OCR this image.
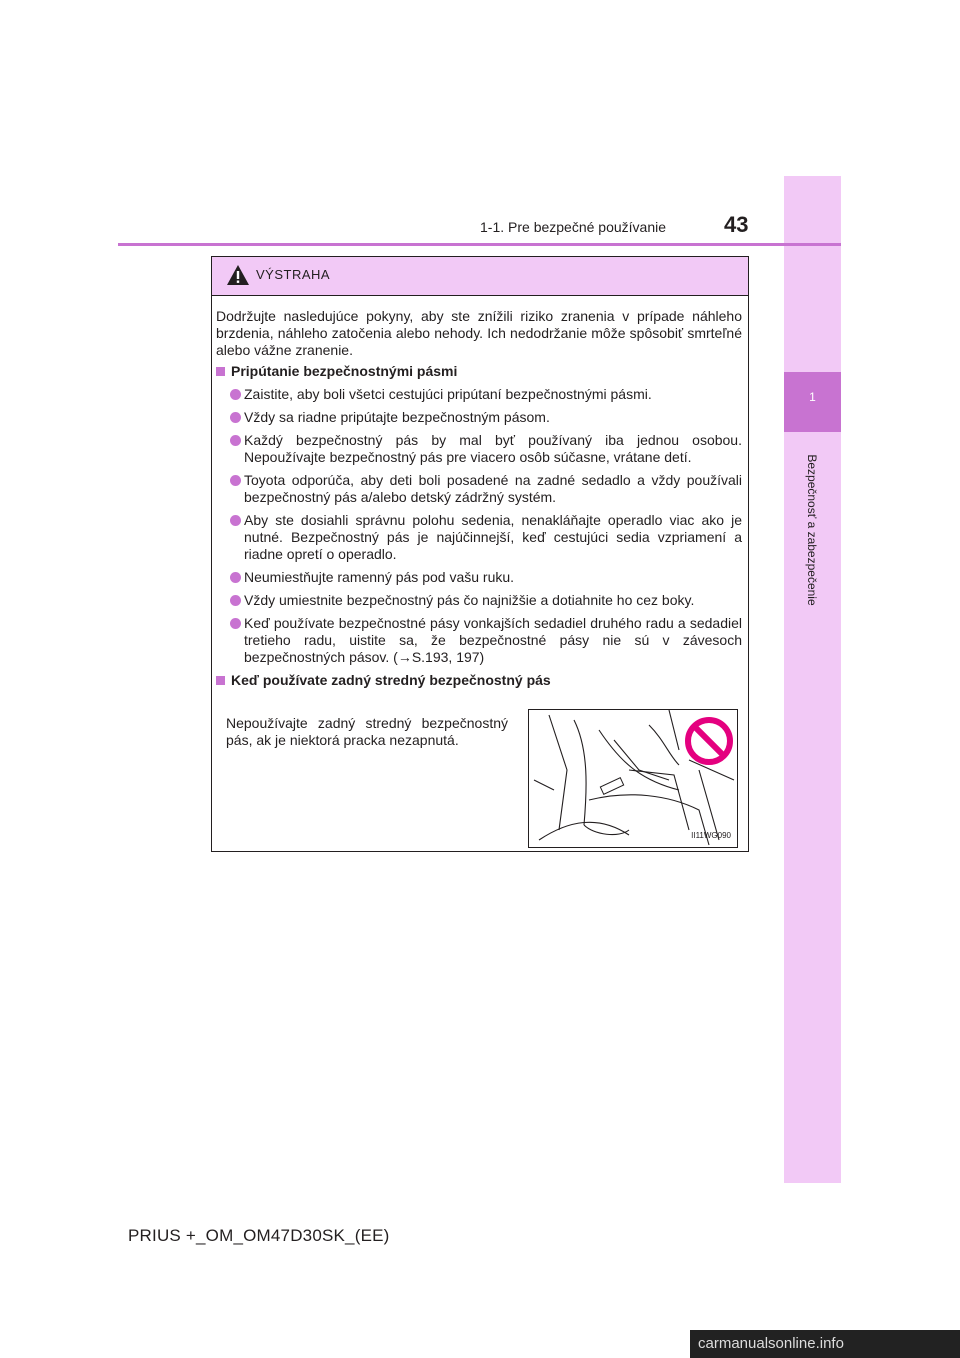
1
Bezpečnosť a zabezpečenie
1-1. Pre bezpečné používanie	43
VÝSTRAHA

Dodržujte nasledujúce pokyny, aby ste znížili riziko zranenia v prípade náhleho brzdenia, náhleho zatočenia alebo nehody. Ich nedodržanie môže spôsobiť smrteľné alebo vážne zranenie.

Pripútanie bezpečnostnými pásmi
Zaistite, aby boli všetci cestujúci pripútaní bezpečnostnými pásmi.
Vždy sa riadne pripútajte bezpečnostným pásom.
Každý bezpečnostný pás by mal byť používaný iba jednou osobou. Nepoužívajte bezpečnostný pás pre viacero osôb súčasne, vrátane detí.
Toyota odporúča, aby deti boli posadené na zadné sedadlo a vždy používali bezpečnostný pás a/alebo detský zádržný systém.
Aby ste dosiahli správnu polohu sedenia, nenakláňajte operadlo viac ako je nutné. Bezpečnostný pás je najúčinnejší, keď cestujúci sedia vzpriamení a riadne opretí o operadlo.
Neumiestňujte ramenný pás pod vašu ruku.
Vždy umiestnite bezpečnostný pás čo najnižšie a dotiahnite ho cez boky.
Keď používate bezpečnostné pásy vonkajších sedadiel druhého radu a sedadiel tretieho radu, uistite sa, že bezpečnostné pásy nie sú v závesoch bezpečnostných pásov. (→S.193, 197)
Keď používate zadný stredný bezpečnostný pás

Nepoužívajte zadný stredný bezpečnostný pás, ak je niektorá pracka nezapnutá.

II11WG090
PRIUS +_OM_OM47D30SK_(EE)
carmanualsonline.info
